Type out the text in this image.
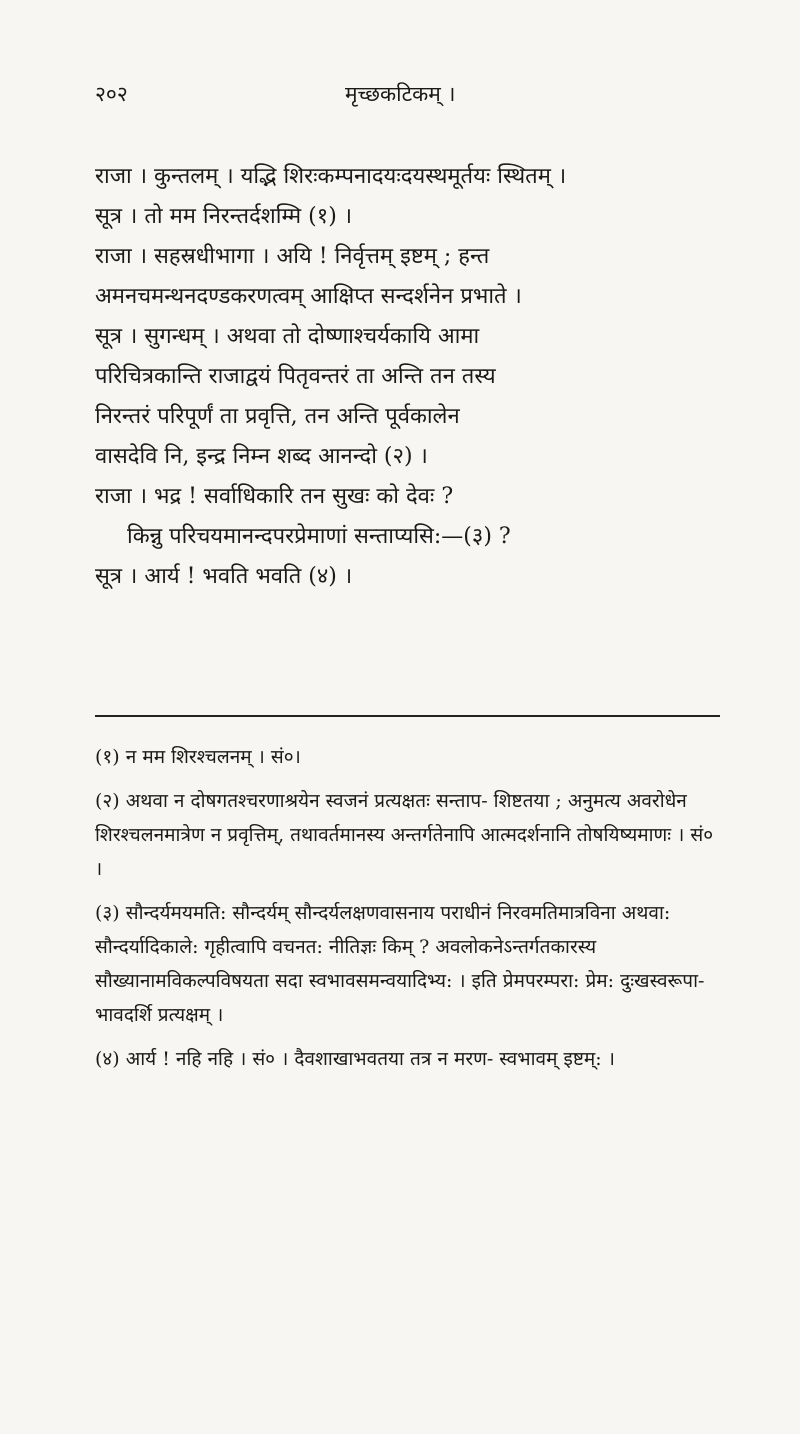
२०२	मृच्छकटिकम् ।

राजा । कुन्तलम् । यद्भि शिरःकम्पनादयःदयस्थमूर्तयः स्थितम् ।

सूत्र । तो मम निरन्तर्दशम्मि (१) ।

राजा । सहस्रधीभागा । अयि ! निर्वृत्तम् इष्टम् ; हन्त

अमनचमन्थनदण्डकरणत्वम् आक्षिप्त सन्दर्शनेन प्रभाते ।

सूत्र । सुगन्धम् । अथवा तो दोष्णाश्चर्यकायि आमा

परिचित्रकान्ति राजाद्वयं पितृवन्तरं ता अन्ति तन तस्य

निरन्तरं परिपूर्णं ता प्रवृत्ति, तन अन्ति पूर्वकालेन

वासदेवि नि, इन्द्र निम्न शब्द आनन्दो (२) ।

राजा । भद्र ! सर्वाधिकारि तन सुखः को देवः ?

किन्नु परिचयमानन्दपरप्रेमाणां सन्ताप्यसि:—(३) ?

सूत्र । आर्य ! भवति भवति (४) ।

(१) न मम शिरश्चलनम् । सं०।

(२) अथवा न दोषगतश्चरणाश्रयेन स्वजनं प्रत्यक्षतः सन्ताप- शिष्टतया ; अनुमत्य अवरोधेन शिरश्चलनमात्रेण न प्रवृत्तिम्, तथावर्तमानस्य अन्तर्गतेनापि आत्मदर्शनानि तोषयिष्यमाणः । सं० ।

(३) सौन्दर्यमयमति: सौन्दर्यम् सौन्दर्यलक्षणवासनाय पराधीनं निरवमतिमात्रविना अथवा: सौन्दर्यादिकाले: गृहीत्वापि वचनत: नीतिज्ञः किम् ? अवलोकनेऽन्तर्गतकारस्य सौख्यानामविकल्पविषयता सदा स्वभावसमन्वयादिभ्य: । इति प्रेमपरम्परा: प्रेम: दुःखस्वरूपा- भावदर्शि प्रत्यक्षम् ।

(४) आर्य ! नहि नहि । सं० । दैवशाखाभवतया तत्र न मरण- स्वभावम् इष्टम्: ।
